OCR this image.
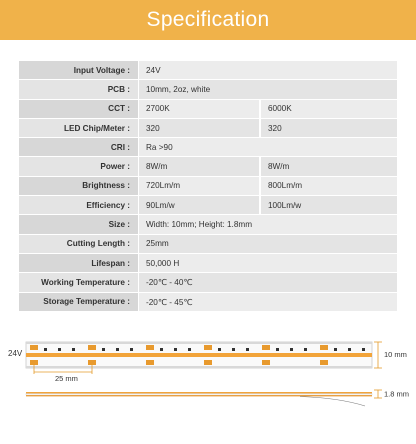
Specification
Input Voltage :	24V
PCB :	10mm, 2oz, white
CCT :	2700K	6000K
LED Chip/Meter :	320	320
CRI :	Ra >90
Power :	8W/m	8W/m
Brightness :	720Lm/m	800Lm/m
Efficiency :	90Lm/w	100Lm/w
Size :	Width: 10mm; Height: 1.8mm
Cutting Length :	25mm
Lifespan :	50,000 H
Working Temperature :	-20℃ - 40℃
Storage Temperature :	-20℃ - 45℃
24V	10 mm
25 mm
1.8 mm
